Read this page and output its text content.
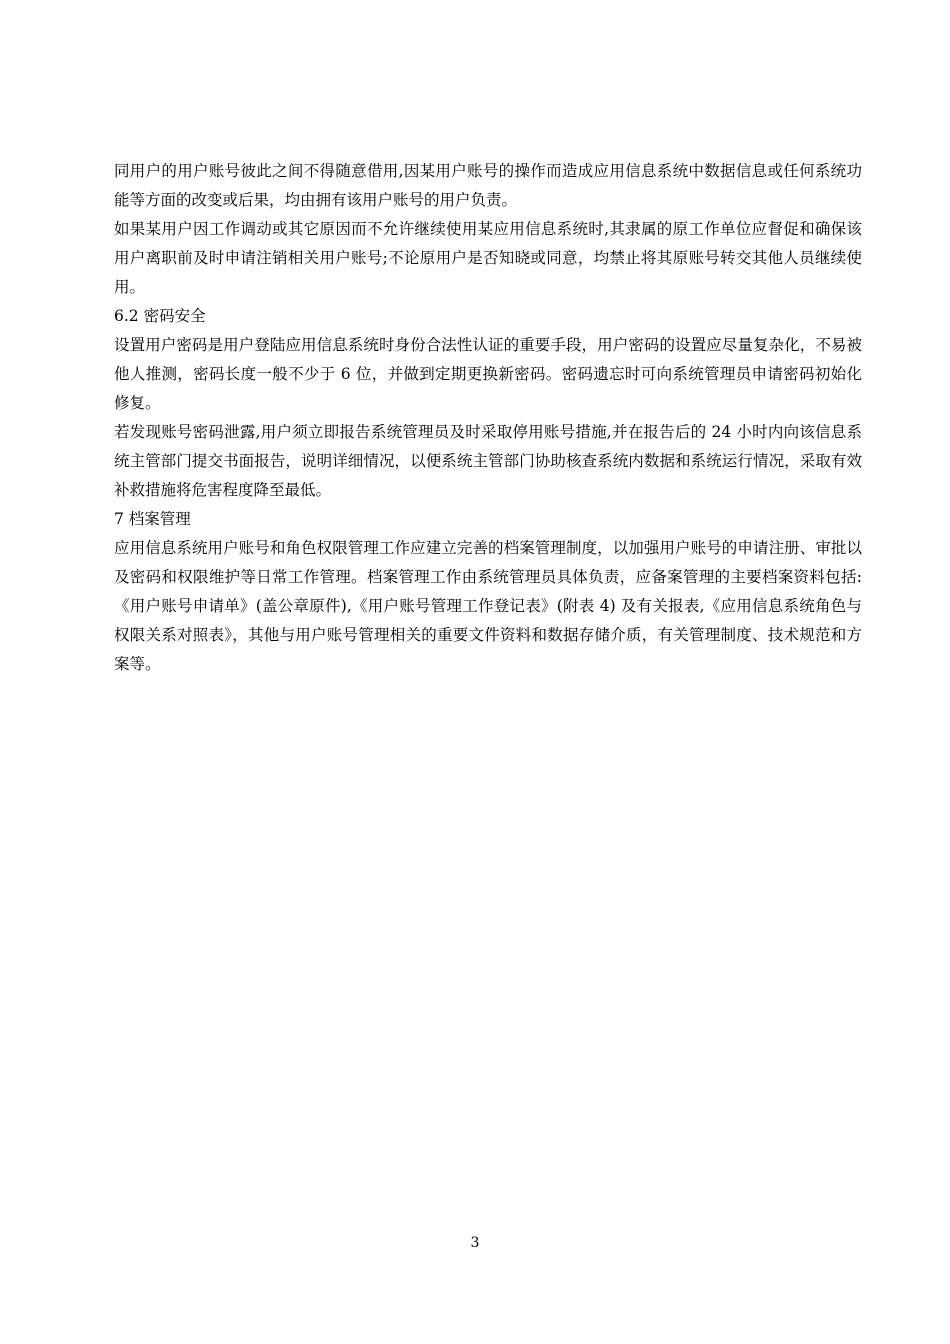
同用户的用户账号彼此之间不得随意借用,因某用户账号的操作而造成应用信息系统中数据信息或任何系统功能等方面的改变或后果，均由拥有该用户账号的用户负责。

如果某用户因工作调动或其它原因而不允许继续使用某应用信息系统时,其隶属的原工作单位应督促和确保该用户离职前及时申请注销相关用户账号;不论原用户是否知晓或同意，均禁止将其原账号转交其他人员继续使用。

6.2 密码安全

设置用户密码是用户登陆应用信息系统时身份合法性认证的重要手段，用户密码的设置应尽量复杂化，不易被他人推测，密码长度一般不少于 6 位，并做到定期更换新密码。密码遗忘时可向系统管理员申请密码初始化修复。

若发现账号密码泄露,用户须立即报告系统管理员及时采取停用账号措施,并在报告后的 24 小时内向该信息系统主管部门提交书面报告，说明详细情况，以便系统主管部门协助核查系统内数据和系统运行情况，采取有效补救措施将危害程度降至最低。

7 档案管理

应用信息系统用户账号和角色权限管理工作应建立完善的档案管理制度，以加强用户账号的申请注册、审批以及密码和权限维护等日常工作管理。档案管理工作由系统管理员具体负责，应备案管理的主要档案资料包括:《用户账号申请单》(盖公章原件),《用户账号管理工作登记表》(附表 4) 及有关报表,《应用信息系统角色与权限关系对照表》，其他与用户账号管理相关的重要文件资料和数据存储介质，有关管理制度、技术规范和方案等。

3
